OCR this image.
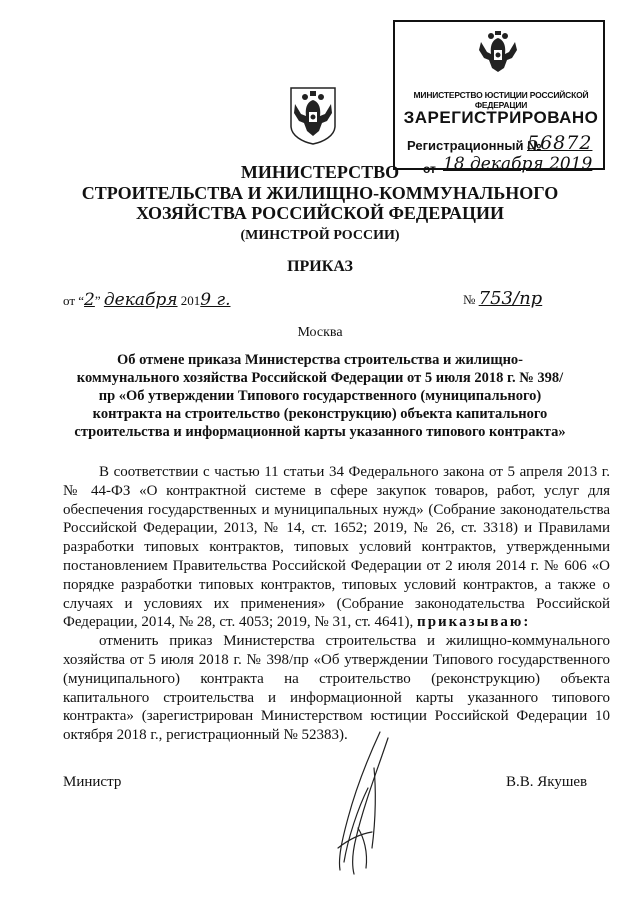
МИНИСТЕРСТВО ЮСТИЦИИ РОССИЙСКОЙ ФЕДЕРАЦИИ
ЗАРЕГИСТРИРОВАНО
Регистрационный №
56872
от 18 декабря 2019
МИНИСТЕРСТВО
СТРОИТЕЛЬСТВА И ЖИЛИЩНО-КОММУНАЛЬНОГО
ХОЗЯЙСТВА РОССИЙСКОЙ ФЕДЕРАЦИИ
(МИНСТРОЙ РОССИИ)
ПРИКАЗ
от “2” декабря 2019 г.	№ 753/пр
Москва
Об отмене приказа Министерства строительства и жилищно-коммунального хозяйства Российской Федерации от 5 июля 2018 г. № 398/пр «Об утверждении Типового государственного (муниципального) контракта на строительство (реконструкцию) объекта капитального строительства и информационной карты указанного типового контракта»

В соответствии с частью 11 статьи 34 Федерального закона от 5 апреля 2013 г. № 44-ФЗ «О контрактной системе в сфере закупок товаров, работ, услуг для обеспечения государственных и муниципальных нужд» (Собрание законодательства Российской Федерации, 2013, № 14, ст. 1652; 2019, № 26, ст. 3318) и Правилами разработки типовых контрактов, типовых условий контрактов, утвержденными постановлением Правительства Российской Федерации от 2 июля 2014 г. № 606 «О порядке разработки типовых контрактов, типовых условий контрактов, а также о случаях и условиях их применения» (Собрание законодательства Российской Федерации, 2014, № 28, ст. 4053; 2019, № 31, ст. 4641), приказываю:

отменить приказ Министерства строительства и жилищно-коммунального хозяйства от 5 июля 2018 г. № 398/пр «Об утверждении Типового государственного (муниципального) контракта на строительство (реконструкцию) объекта капитального строительства и информационной карты указанного типового контракта» (зарегистрирован Министерством юстиции Российской Федерации 10 октября 2018 г., регистрационный № 52383).

Министр	В.В. Якушев
